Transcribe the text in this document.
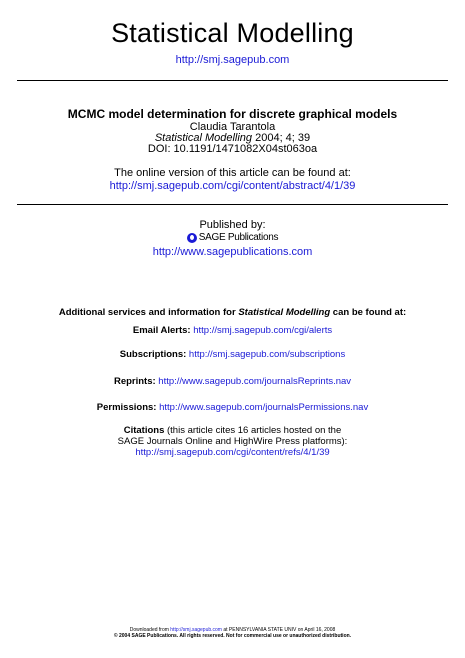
Statistical Modelling
http://smj.sagepub.com
MCMC model determination for discrete graphical models
Claudia Tarantola
Statistical Modelling 2004; 4; 39
DOI: 10.1191/1471082X04st063oa
The online version of this article can be found at:
http://smj.sagepub.com/cgi/content/abstract/4/1/39
Published by:
SAGE Publications
http://www.sagepublications.com
Additional services and information for Statistical Modelling can be found at:
Email Alerts: http://smj.sagepub.com/cgi/alerts
Subscriptions: http://smj.sagepub.com/subscriptions
Reprints: http://www.sagepub.com/journalsReprints.nav
Permissions: http://www.sagepub.com/journalsPermissions.nav
Citations (this article cites 16 articles hosted on the
SAGE Journals Online and HighWire Press platforms):
http://smj.sagepub.com/cgi/content/refs/4/1/39
Downloaded from http://smj.sagepub.com at PENNSYLVANIA STATE UNIV on April 16, 2008
© 2004 SAGE Publications. All rights reserved. Not for commercial use or unauthorized distribution.
